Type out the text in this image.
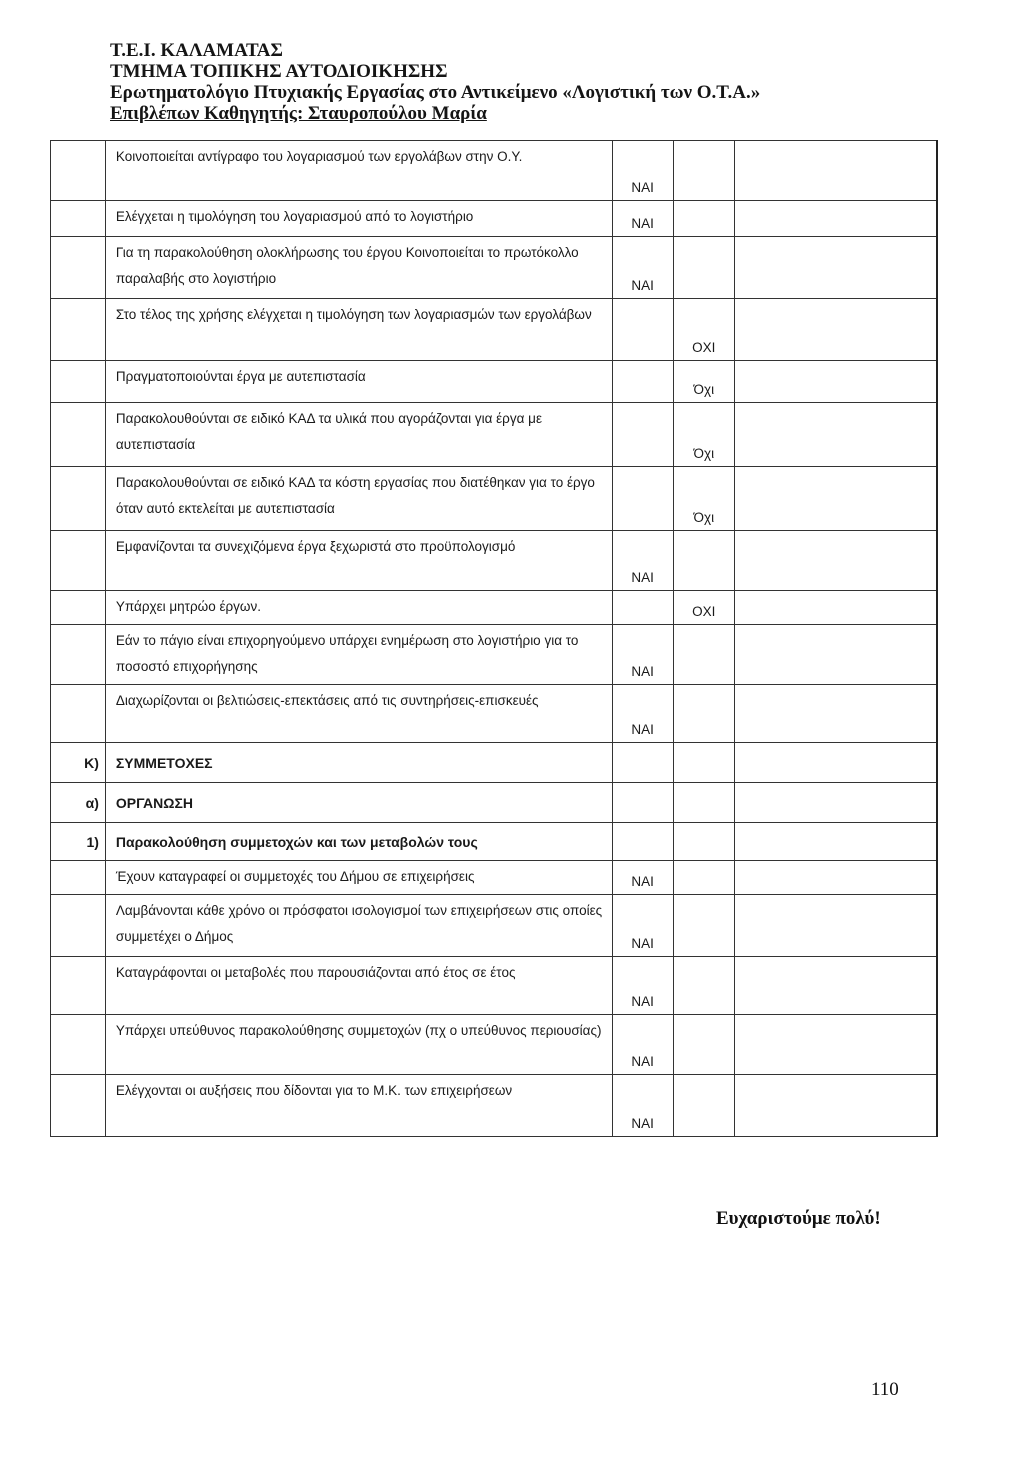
Τ.Ε.Ι. ΚΑΛΑΜΑΤΑΣ
ΤΜΗΜΑ ΤΟΠΙΚΗΣ ΑΥΤΟΔΙΟΙΚΗΣΗΣ
Ερωτηματολόγιο Πτυχιακής Εργασίας στο Αντικείμενο «Λογιστική των Ο.Τ.Α.»
Επιβλέπων Καθηγητής: Σταυροπούλου Μαρία
	Κοινοποιείται αντίγραφο του λογαριασμού των εργολάβων στην Ο.Υ.	ΝΑΙ		
	Ελέγχεται η τιμολόγηση του λογαριασμού από το λογιστήριο	ΝΑΙ		
	Για τη παρακολούθηση ολοκλήρωσης του έργου Κοινοποιείται το πρωτόκολλο παραλαβής στο λογιστήριο	ΝΑΙ		
	Στο τέλος της χρήσης ελέγχεται η τιμολόγηση των λογαριασμών των εργολάβων		ΟΧΙ	
	Πραγματοποιούνται έργα με αυτεπιστασία		Όχι	
	Παρακολουθούνται σε ειδικό ΚΑΔ τα υλικά που αγοράζονται για έργα με αυτεπιστασία		Όχι	
	Παρακολουθούνται σε ειδικό ΚΑΔ τα κόστη εργασίας που διατέθηκαν για το έργο όταν αυτό εκτελείται με αυτεπιστασία		Όχι	
	Εμφανίζονται τα συνεχιζόμενα έργα ξεχωριστά στο προϋπολογισμό	ΝΑΙ		
	Υπάρχει μητρώο έργων.		ΟΧΙ	
	Εάν το πάγιο είναι επιχορηγούμενο υπάρχει ενημέρωση στο λογιστήριο για το ποσοστό επιχορήγησης	ΝΑΙ		
	Διαχωρίζονται οι βελτιώσεις-επεκτάσεις από τις συντηρήσεις-επισκευές	ΝΑΙ		
Κ)	ΣΥΜΜΕΤΟΧΕΣ			
α)	ΟΡΓΑΝΩΣΗ			
1)	Παρακολούθηση συμμετοχών και των μεταβολών τους			
	Έχουν καταγραφεί οι συμμετοχές του Δήμου σε επιχειρήσεις	ΝΑΙ		
	Λαμβάνονται κάθε χρόνο οι πρόσφατοι ισολογισμοί των επιχειρήσεων στις οποίες συμμετέχει ο Δήμος	ΝΑΙ		
	Καταγράφονται οι μεταβολές που παρουσιάζονται από έτος σε έτος	ΝΑΙ		
	Υπάρχει υπεύθυνος παρακολούθησης συμμετοχών (πχ ο υπεύθυνος περιουσίας)	ΝΑΙ		
	Ελέγχονται οι αυξήσεις που δίδονται για το Μ.Κ. των επιχειρήσεων	ΝΑΙ		
Ευχαριστούμε πολύ!
110
